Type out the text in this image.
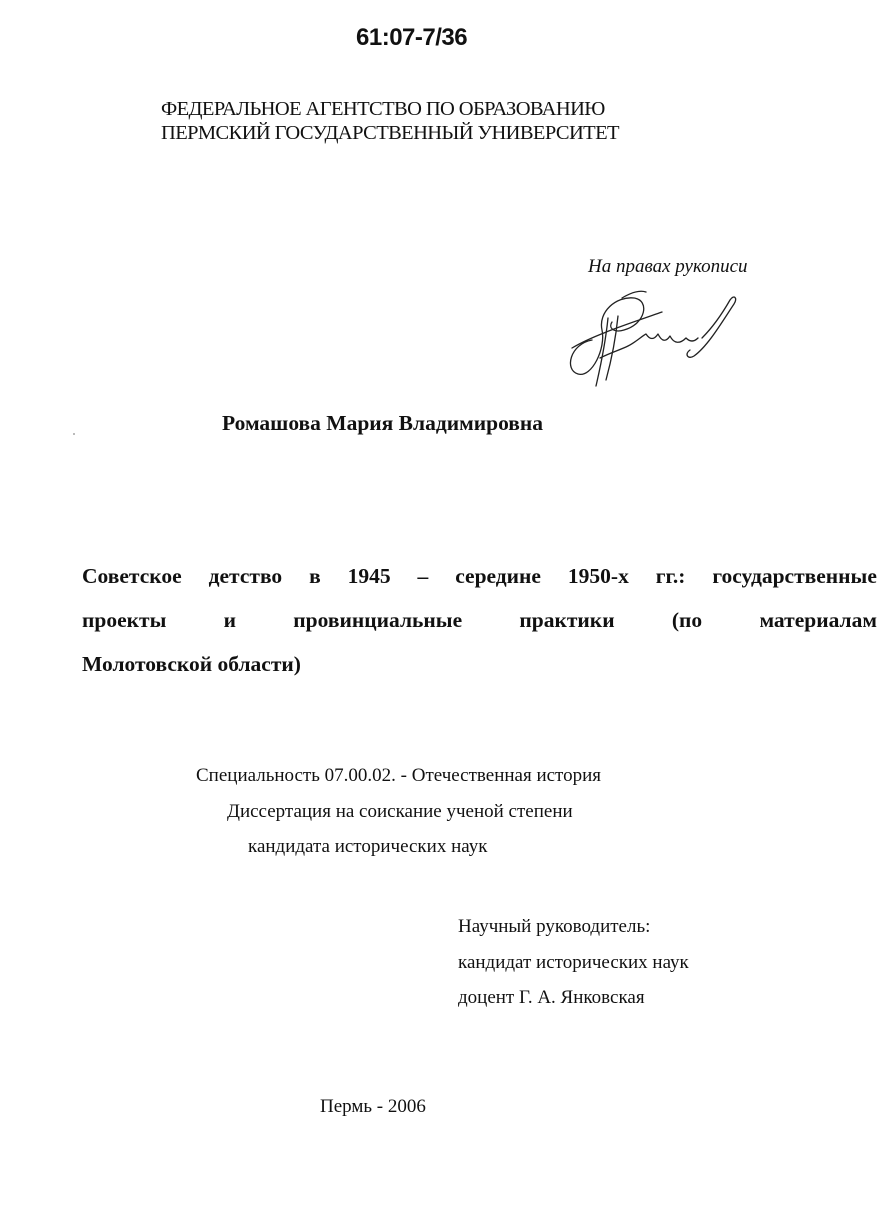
61:07-7/36
ФЕДЕРАЛЬНОЕ АГЕНТСТВО ПО ОБРАЗОВАНИЮ
ПЕРМСКИЙ ГОСУДАРСТВЕННЫЙ УНИВЕРСИТЕТ
На правах рукописи
Ромашова Мария Владимировна
Советское детство в 1945 – середине 1950-х гг.: государственные
проекты	и	провинциальные	практики	(по	материалам
Молотовской области)
Специальность 07.00.02. - Отечественная история
Диссертация на соискание ученой степени
кандидата исторических наук
Научный руководитель:
кандидат исторических наук
доцент Г. А. Янковская
Пермь - 2006
